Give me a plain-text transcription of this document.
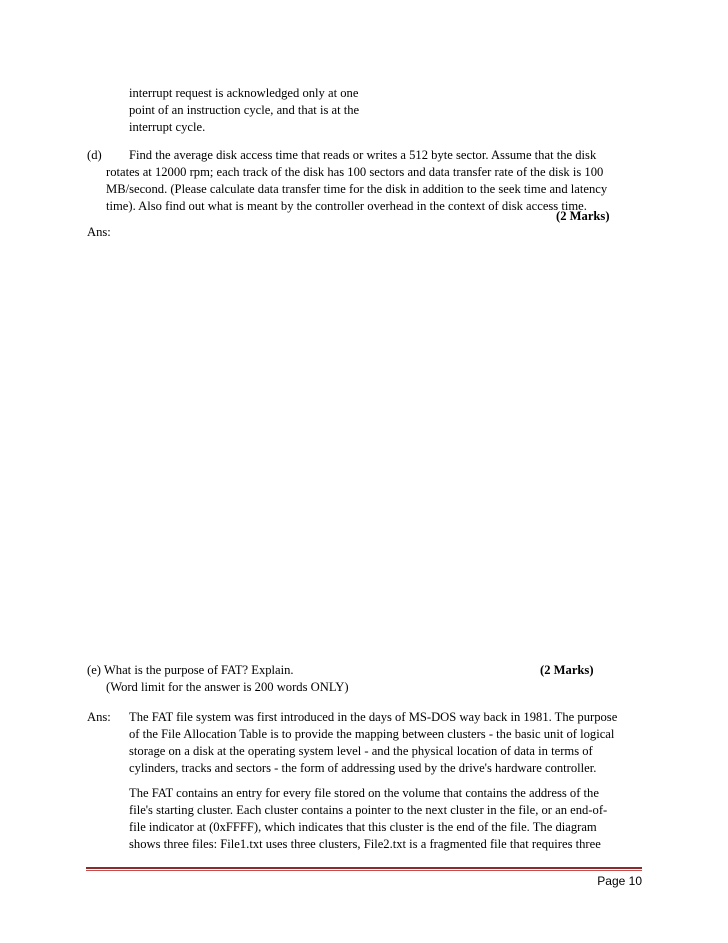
interrupt request is acknowledged only at one
point of an instruction cycle, and that is at the
interrupt cycle.
(d) Find the average disk access time that reads or writes a 512 byte sector. Assume that the disk
rotates at 12000 rpm; each track of the disk has 100 sectors and data transfer rate of the disk is 100
MB/second. (Please calculate data transfer time for the disk in addition to the seek time and latency
time). Also find out what is meant by the controller overhead in the context of disk access time.
(2 Marks)
Ans:
(e) What is the purpose of FAT? Explain.	(2 Marks)
(Word limit for the answer is 200 words ONLY)
Ans: The FAT file system was first introduced in the days of MS-DOS way back in 1981. The purpose
of the File Allocation Table is to provide the mapping between clusters - the basic unit of logical
storage on a disk at the operating system level - and the physical location of data in terms of
cylinders, tracks and sectors - the form of addressing used by the drive's hardware controller.
The FAT contains an entry for every file stored on the volume that contains the address of the
file's starting cluster. Each cluster contains a pointer to the next cluster in the file, or an end-of-
file indicator at (0xFFFF), which indicates that this cluster is the end of the file. The diagram
shows three files: File1.txt uses three clusters, File2.txt is a fragmented file that requires three
Page 10
